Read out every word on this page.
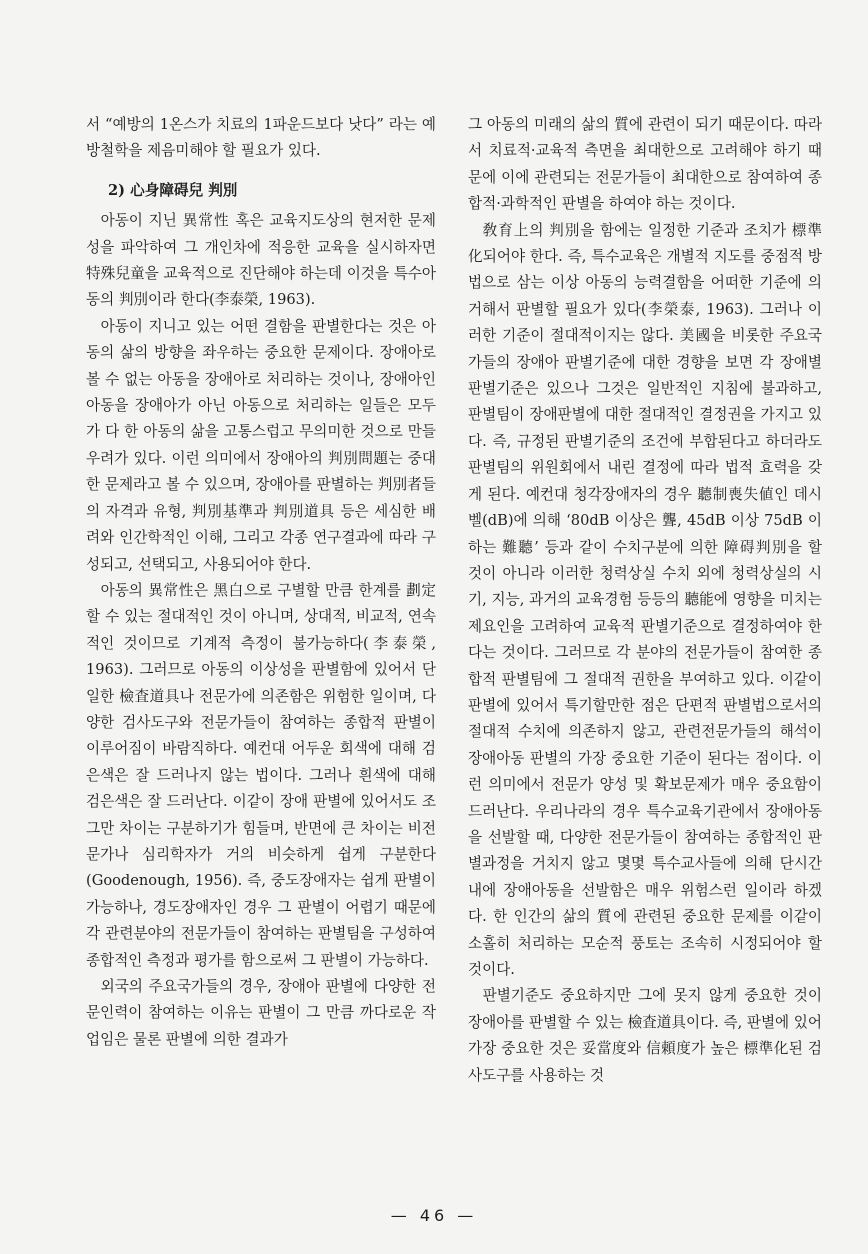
서 “예방의 1온스가 치료의 1파운드보다 낫다” 라는 예방철학을 제음미해야 할 필요가 있다.

2) 心身障碍兒 判別

아동이 지닌 異常性 혹은 교육지도상의 현저한 문제성을 파악하여 그 개인차에 적응한 교육을 실시하자면 特殊兒童을 교육적으로 진단해야 하는데 이것을 특수아동의 判別이라 한다(李泰榮, 1963).

아동이 지니고 있는 어떤 결함을 판별한다는 것은 아동의 삶의 방향을 좌우하는 중요한 문제이다. 장애아로 볼 수 없는 아동을 장애아로 처리하는 것이나, 장애아인 아동을 장애아가 아닌 아동으로 처리하는 일들은 모두가 다 한 아동의 삶을 고통스럽고 무의미한 것으로 만들 우려가 있다. 이런 의미에서 장애아의 判別問題는 중대한 문제라고 볼 수 있으며, 장애아를 판별하는 判別者들의 자격과 유형, 判別基準과 判別道具 등은 세심한 배려와 인간학적인 이해, 그리고 각종 연구결과에 따라 구성되고, 선택되고, 사용되어야 한다.

아동의 異常性은 黑白으로 구별할 만큼 한계를 劃定할 수 있는 절대적인 것이 아니며, 상대적, 비교적, 연속적인 것이므로 기계적 측정이 불가능하다(李泰榮, 1963). 그러므로 아동의 이상성을 판별함에 있어서 단일한 檢査道具나 전문가에 의존함은 위험한 일이며, 다양한 검사도구와 전문가들이 참여하는 종합적 판별이 이루어짐이 바람직하다. 예컨대 어두운 회색에 대해 검은색은 잘 드러나지 않는 법이다. 그러나 흰색에 대해 검은색은 잘 드러난다. 이같이 장애 판별에 있어서도 조그만 차이는 구분하기가 힘들며, 반면에 큰 차이는 비전문가나 심리학자가 거의 비슷하게 쉽게 구분한다(Goodenough, 1956). 즉, 중도장애자는 쉽게 판별이 가능하나, 경도장애자인 경우 그 판별이 어렵기 때문에 각 관련분야의 전문가들이 참여하는 판별팀을 구성하여 종합적인 측정과 평가를 함으로써 그 판별이 가능하다.

외국의 주요국가들의 경우, 장애아 판별에 다양한 전문인력이 참여하는 이유는 판별이 그 만큼 까다로운 작업임은 물론 판별에 의한 결과가

그 아동의 미래의 삶의 質에 관련이 되기 때문이다. 따라서 치료적·교육적 측면을 최대한으로 고려해야 하기 때문에 이에 관련되는 전문가들이 최대한으로 참여하여 종합적·과학적인 판별을 하여야 하는 것이다.

敎育上의 判別을 함에는 일정한 기준과 조치가 標準化되어야 한다. 즉, 특수교육은 개별적 지도를 중점적 방법으로 삼는 이상 아동의 능력결함을 어떠한 기준에 의거해서 판별할 필요가 있다(李榮泰, 1963). 그러나 이러한 기준이 절대적이지는 않다. 美國을 비롯한 주요국가들의 장애아 판별기준에 대한 경향을 보면 각 장애별 판별기준은 있으나 그것은 일반적인 지침에 불과하고, 판별팀이 장애판별에 대한 절대적인 결정권을 가지고 있다. 즉, 규정된 판별기준의 조건에 부합된다고 하더라도 판별팀의 위원회에서 내린 결정에 따라 법적 효력을 갖게 된다. 예컨대 청각장애자의 경우 聽制喪失値인 데시벨(dB)에 의해 ‘80dB 이상은 聾, 45dB 이상 75dB 이하는 難聽’ 등과 같이 수치구분에 의한 障碍判別을 할 것이 아니라 이러한 청력상실 수치 외에 청력상실의 시기, 지능, 과거의 교육경험 등등의 聽能에 영향을 미치는 제요인을 고려하여 교육적 판별기준으로 결정하여야 한다는 것이다. 그러므로 각 분야의 전문가들이 참여한 종합적 판별팀에 그 절대적 권한을 부여하고 있다. 이같이 판별에 있어서 특기할만한 점은 단편적 판별법으로서의 절대적 수치에 의존하지 않고, 관련전문가들의 해석이 장애아동 판별의 가장 중요한 기준이 된다는 점이다. 이런 의미에서 전문가 양성 및 확보문제가 매우 중요함이 드러난다. 우리나라의 경우 특수교육기관에서 장애아동을 선발할 때, 다양한 전문가들이 참여하는 종합적인 판별과정을 거치지 않고 몇몇 특수교사들에 의해 단시간 내에 장애아동을 선발함은 매우 위험스런 일이라 하겠다. 한 인간의 삶의 質에 관련된 중요한 문제를 이같이 소홀히 처리하는 모순적 풍토는 조속히 시정되어야 할 것이다.

판별기준도 중요하지만 그에 못지 않게 중요한 것이 장애아를 판별할 수 있는 檢査道具이다. 즉, 판별에 있어 가장 중요한 것은 妥當度와 信頼度가 높은 標準化된 검사도구를 사용하는 것

— 46 —
